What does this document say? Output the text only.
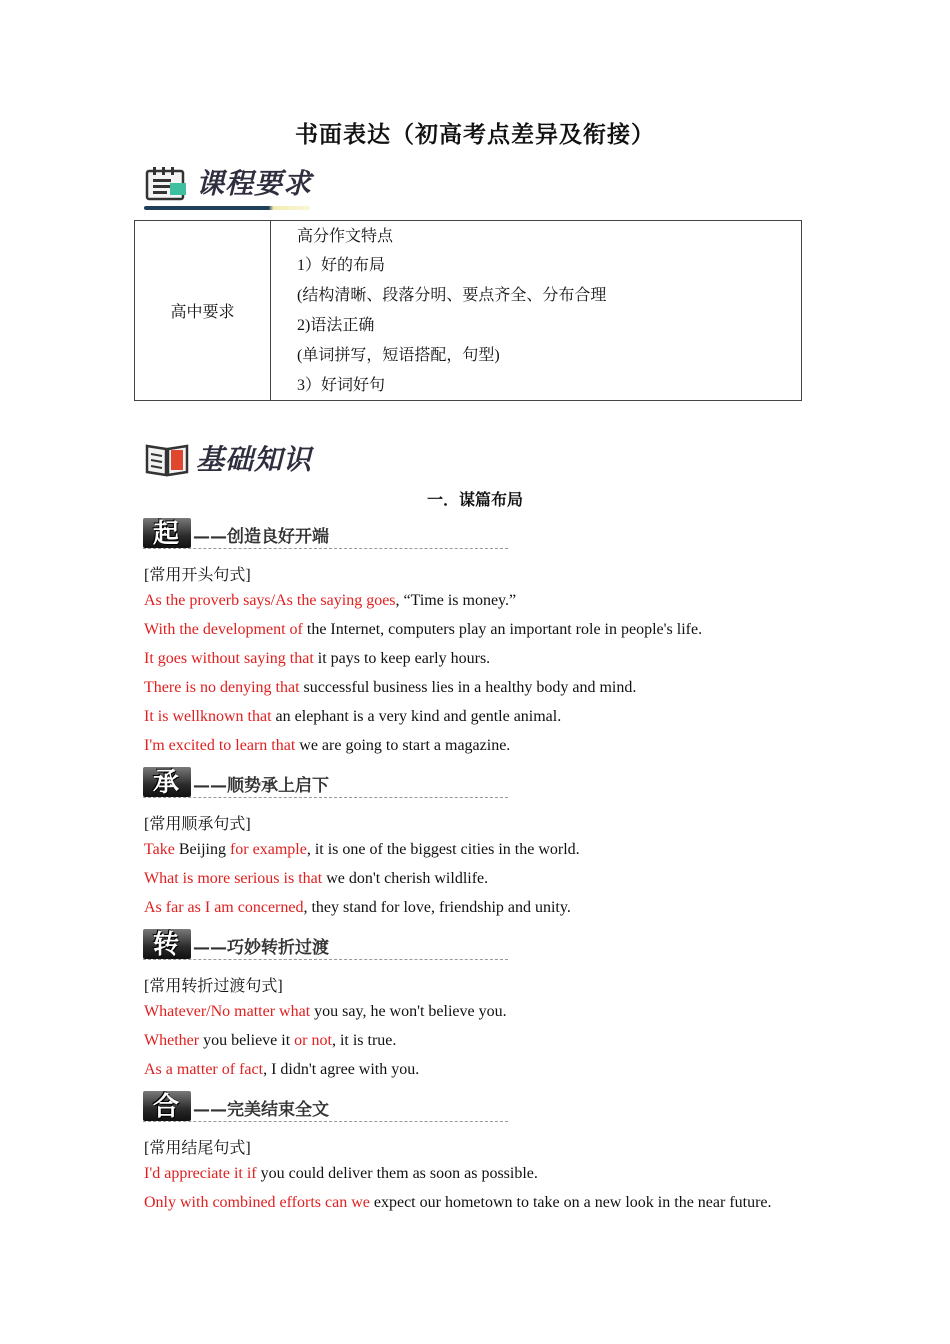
书面表达（初高考点差异及衔接）
课程要求
高中要求
高分作文特点
1）好的布局
(结构清晰、段落分明、要点齐全、分布合理
2)语法正确
(单词拼写，短语搭配，句型)
3）好词好句
基础知识
一．谋篇布局
起 ——创造良好开端
[常用开头句式]
As the proverb says/As the saying goes, “Time is money.”
With the development of the Internet, computers play an important role in people's life.
It goes without saying that it pays to keep early hours.
There is no denying that successful business lies in a healthy body and mind.
It is wellknown that an elephant is a very kind and gentle animal.
I'm excited to learn that we are going to start a magazine.
承 ——顺势承上启下
[常用顺承句式]
Take Beijing for example, it is one of the biggest cities in the world.
What is more serious is that we don't cherish wildlife.
As far as I am concerned, they stand for love, friendship and unity.
转 ——巧妙转折过渡
[常用转折过渡句式]
Whatever/No matter what you say, he won't believe you.
Whether you believe it or not, it is true.
As a matter of fact, I didn't agree with you.
合 ——完美结束全文
[常用结尾句式]
I'd appreciate it if you could deliver them as soon as possible.
Only with combined efforts can we expect our hometown to take on a new look in the near future.
